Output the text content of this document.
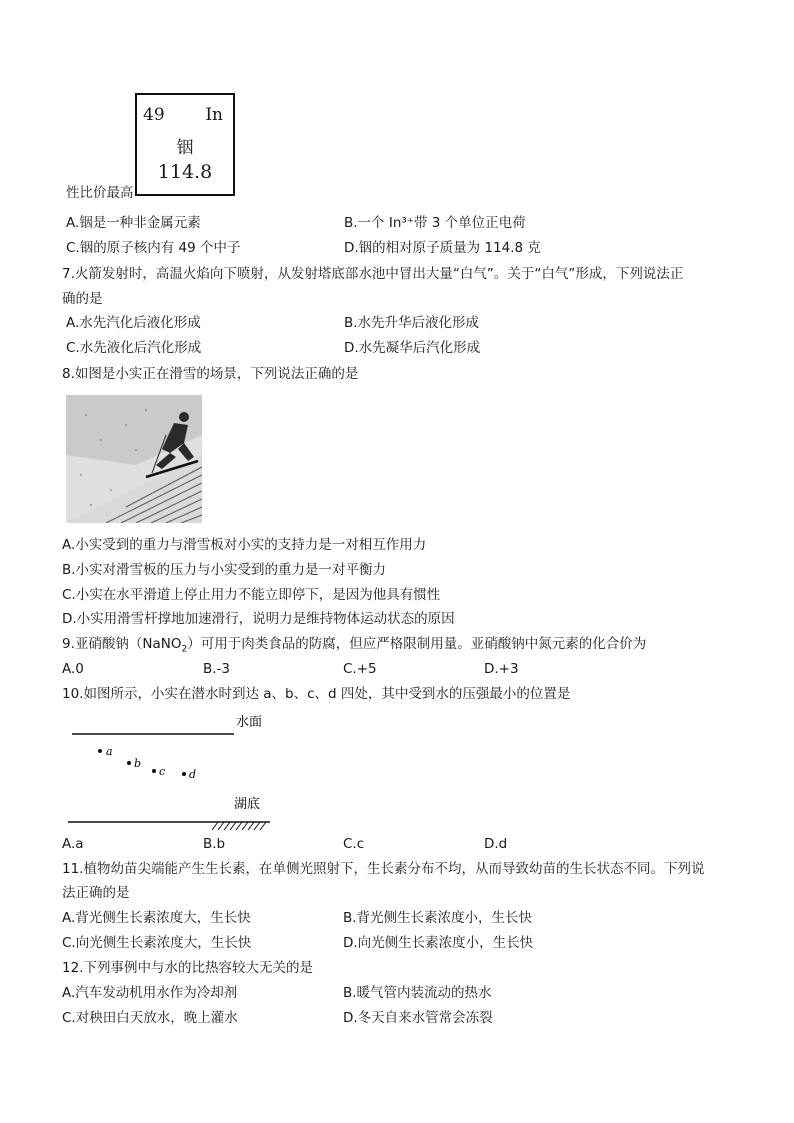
49 In
铟
114.8
性比价最高
A.铟是一种非金属元素	B.一个 In³⁺带 3 个单位正电荷
C.铟的原子核内有 49 个中子	D.铟的相对原子质量为 114.8 克
7.火箭发射时，高温火焰向下喷射，从发射塔底部水池中冒出大量“白气”。关于“白气”形成，下列说法正
确的是
A.水先汽化后液化形成	B.水先升华后液化形成
C.水先液化后汽化形成	D.水先凝华后汽化形成
8.如图是小实正在滑雪的场景，下列说法正确的是
A.小实受到的重力与滑雪板对小实的支持力是一对相互作用力
B.小实对滑雪板的压力与小实受到的重力是一对平衡力
C.小实在水平滑道上停止用力不能立即停下，是因为他具有惯性
D.小实用滑雪杆撑地加速滑行，说明力是维持物体运动状态的原因
9.亚硝酸钠（NaNO$_2$）可用于肉类食品的防腐，但应严格限制用量。亚硝酸钠中氮元素的化合价为
A.0	B.-3	C.+5	D.+3
10.如图所示，小实在潜水时到达 a、b、c、d 四处，其中受到水的压强最小的位置是
水面
a
b
c d
湖底
A.a	B.b	C.c	D.d
11.植物幼苗尖端能产生生长素，在单侧光照射下，生长素分布不均，从而导致幼苗的生长状态不同。下列说
法正确的是
A.背光侧生长素浓度大，生长快	B.背光侧生长素浓度小，生长快
C.向光侧生长素浓度大，生长快	D.向光侧生长素浓度小，生长快
12.下列事例中与水的比热容较大无关的是
A.汽车发动机用水作为冷却剂	B.暖气管内装流动的热水
C.对秧田白天放水，晚上灌水	D.冬天自来水管常会冻裂
